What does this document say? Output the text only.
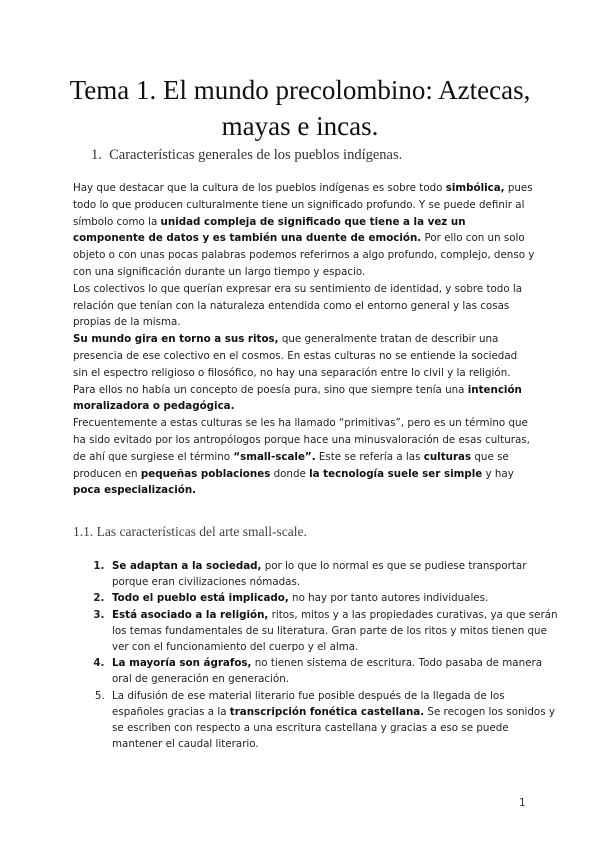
Tema 1. El mundo precolombino: Aztecas, mayas e incas.
1. Características generales de los pueblos indígenas.

Hay que destacar que la cultura de los pueblos indígenas es sobre todo simbólica, pues todo lo que producen culturalmente tiene un significado profundo. Y se puede definir al símbolo como la unidad compleja de significado que tiene a la vez un componente de datos y es también una duente de emoción. Por ello con un solo objeto o con unas pocas palabras podemos referirnos a algo profundo, complejo, denso y con una significación durante un largo tiempo y espacio.

Los colectivos lo que querían expresar era su sentimiento de identidad, y sobre todo la relación que tenían con la naturaleza entendida como el entorno general y las cosas propias de la misma.

Su mundo gira en torno a sus ritos, que generalmente tratan de describir una presencia de ese colectivo en el cosmos. En estas culturas no se entiende la sociedad sin el espectro religioso o filosófico, no hay una separación entre lo civil y la religión.

Para ellos no había un concepto de poesía pura, sino que siempre tenía una intención moralizadora o pedagógica.

Frecuentemente a estas culturas se les ha llamado “primitivas”, pero es un término que ha sido evitado por los antropólogos porque hace una minusvaloración de esas culturas, de ahí que surgiese el término “small-scale”. Este se refería a las culturas que se producen en pequeñas poblaciones donde la tecnología suele ser simple y hay poca especialización.

1.1. Las características del arte small-scale.
1. Se adaptan a la sociedad, por lo que lo normal es que se pudiese transportar porque eran civilizaciones nómadas.
2. Todo el pueblo está implicado, no hay por tanto autores individuales.
3. Está asociado a la religión, ritos, mitos y a las propiedades curativas, ya que serán los temas fundamentales de su literatura. Gran parte de los ritos y mitos tienen que ver con el funcionamiento del cuerpo y el alma.
4. La mayoría son ágrafos, no tienen sistema de escritura. Todo pasaba de manera oral de generación en generación.
5. La difusión de ese material literario fue posible después de la llegada de los españoles gracias a la transcripción fonética castellana. Se recogen los sonidos y se escriben con respecto a una escritura castellana y gracias a eso se puede mantener el caudal literario.
1
